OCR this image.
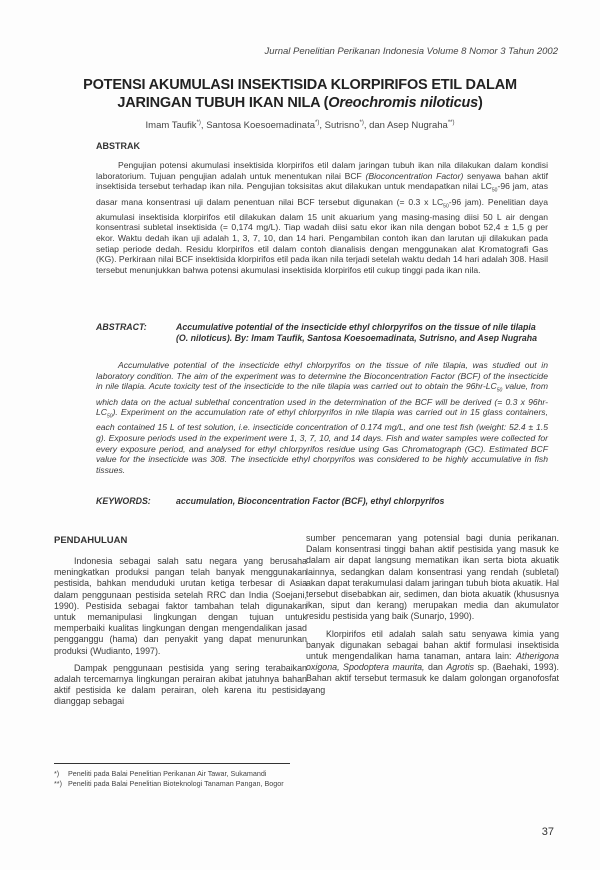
Jurnal Penelitian Perikanan Indonesia Volume 8 Nomor 3 Tahun 2002
POTENSI AKUMULASI INSEKTISIDA KLORPIRIFOS ETIL DALAM
JARINGAN TUBUH IKAN NILA (Oreochromis niloticus)
Imam Taufik*), Santosa Koesoemadinata*), Sutrisno*), dan Asep Nugraha**)
ABSTRAK
Pengujian potensi akumulasi insektisida klorpirifos etil dalam jaringan tubuh ikan nila dilakukan dalam kondisi laboratorium. Tujuan pengujian adalah untuk menentukan nilai BCF (Bioconcentration Factor) senyawa bahan aktif insektisida tersebut terhadap ikan nila. Pengujian toksisitas akut dilakukan untuk mendapatkan nilai $LC_{50}-96$ jam, atas dasar mana konsentrasi uji dalam penentuan nilai BCF tersebut digunakan (= 0.3 x $LC_{50}-96$ jam). Penelitian daya akumulasi insektisida klorpirifos etil dilakukan dalam 15 unit akuarium yang masing-masing diisi 50 L air dengan konsentrasi subletal insektisida (= 0,174 mg/L). Tiap wadah diisi satu ekor ikan nila dengan bobot 52,4 ± 1,5 g per ekor. Waktu dedah ikan uji adalah 1, 3, 7, 10, dan 14 hari. Pengambilan contoh ikan dan larutan uji dilakukan pada setiap periode dedah. Residu klorpirifos etil dalam contoh dianalisis dengan menggunakan alat Kromatografi Gas (KG). Perkiraan nilai BCF insektisida klorpirifos etil pada ikan nila terjadi setelah waktu dedah 14 hari adalah 308. Hasil tersebut menunjukkan bahwa potensi akumulasi insektisida klorpirifos etil cukup tinggi pada ikan nila.
ABSTRACT:	Accumulative potential of the insecticide ethyl chlorpyrifos on the tissue of nile tilapia (O. niloticus). By: Imam Taufik, Santosa Koesoemadinata, Sutrisno, and Asep Nugraha
Accumulative potential of the insecticide ethyl chlorpyrifos on the tissue of nile tilapia, was studied out in laboratory condition. The aim of the experiment was to determine the Bioconcentration Factor (BCF) of the insecticide in nile tilapia. Acute toxicity test of the insecticide to the nile tilapia was carried out to obtain the $96hr-LC_{50}$ value, from which data on the actual sublethal concentration used in the determination of the BCF will be derived (= 0.3 x $96hr-LC_{50}$). Experiment on the accumulation rate of ethyl chlorpyrifos in nile tilapia was carried out in 15 glass containers, each contained 15 L of test solution, i.e. insecticide concentration of 0.174 mg/L, and one test fish (weight: 52.4 ± 1.5 g). Exposure periods used in the experiment were 1, 3, 7, 10, and 14 days. Fish and water samples were collected for every exposure period, and analysed for ethyl chlorpyrifos residue using Gas Chromatograph (GC). Estimated BCF value for the insecticide was 308. The insecticide ethyl chorpyrifos was considered to be highly accumulative in fish tissues.
KEYWORDS:	accumulation, Bioconcentration Factor (BCF), ethyl chlorpyrifos
PENDAHULUAN

Indonesia sebagai salah satu negara yang berusaha meningkatkan produksi pangan telah banyak menggunakan pestisida, bahkan menduduki urutan ketiga terbesar di Asia dalam penggunaan pestisida setelah RRC dan India (Soejani, 1990). Pestisida sebagai faktor tambahan telah digunakan untuk memanipulasi lingkungan dengan tujuan untuk memperbaiki kualitas lingkungan dengan mengendalikan jasad pengganggu (hama) dan penyakit yang dapat menurunkan produksi (Wudianto, 1997).

Dampak penggunaan pestisida yang sering terabaikan adalah tercemarnya lingkungan perairan akibat jatuhnya bahan aktif pestisida ke dalam perairan, oleh karena itu pestisida dianggap sebagai

sumber pencemaran yang potensial bagi dunia perikanan. Dalam konsentrasi tinggi bahan aktif pestisida yang masuk ke dalam air dapat langsung mematikan ikan serta biota akuatik lainnya, sedangkan dalam konsentrasi yang rendah (subletal) akan dapat terakumulasi dalam jaringan tubuh biota akuatik. Hal tersebut disebabkan air, sedimen, dan biota akuatik (khususnya ikan, siput dan kerang) merupakan media dan akumulator residu pestisida yang baik (Sunarjo, 1990).

Klorpirifos etil adalah salah satu senyawa kimia yang banyak digunakan sebagai bahan aktif formulasi insektisida untuk mengendalikan hama tanaman, antara lain: Atherigona oxigona, Spodoptera maurita, dan Agrotis sp. (Baehaki, 1993). Bahan aktif tersebut termasuk ke dalam golongan organofosfat yang

*)	Peneliti pada Balai Penelitian Perikanan Air Tawar, Sukamandi
**) Peneliti pada Balai Penelitian Bioteknologi Tanaman Pangan, Bogor
37
